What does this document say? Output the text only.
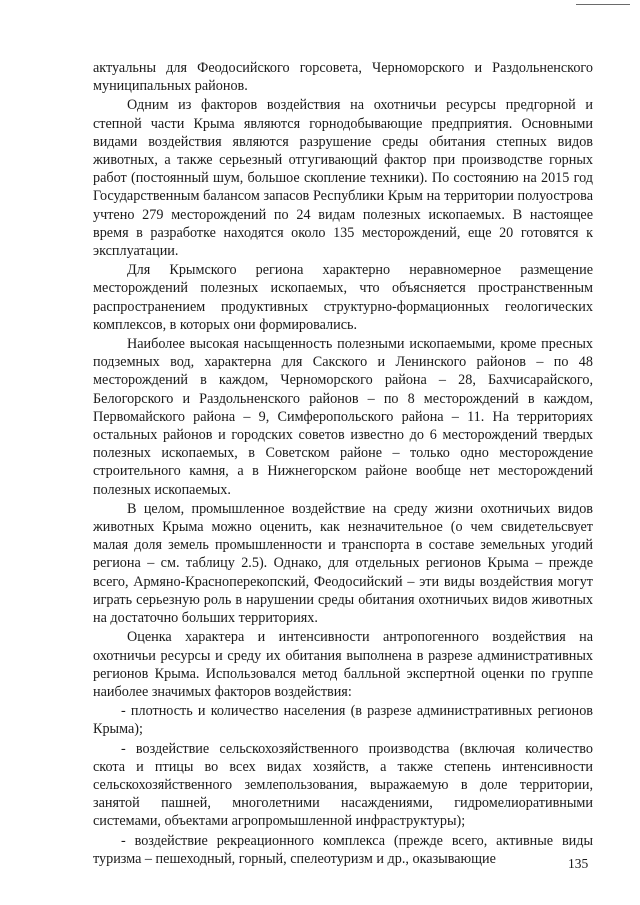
актуальны для Феодосийского горсовета, Черноморского и Раздольненского муниципальных районов.

Одним из факторов воздействия на охотничьи ресурсы предгорной и степной части Крыма являются горнодобывающие предприятия. Основными видами воздействия являются разрушение среды обитания степных видов животных, а также серьезный отгугивающий фактор при производстве горных работ (постоянный шум, большое скопление техники). По состоянию на 2015 год Государственным балансом запасов Республики Крым на территории полуострова учтено 279 месторождений по 24 видам полезных ископаемых. В настоящее время в разработке находятся около 135 месторождений, еще 20 готовятся к эксплуатации.

Для Крымского региона характерно неравномерное размещение месторождений полезных ископаемых, что объясняется пространственным распространением продуктивных структурно-формационных геологических комплексов, в которых они формировались.

Наиболее высокая насыщенность полезными ископаемыми, кроме пресных подземных вод, характерна для Сакского и Ленинского районов – по 48 месторождений в каждом, Черноморского района – 28, Бахчисарайского, Белогорского и Раздольненского районов – по 8 месторождений в каждом, Первомайского района – 9, Симферопольского района – 11. На территориях остальных районов и городских советов известно до 6 месторождений твердых полезных ископаемых, в Советском районе – только одно месторождение строительного камня, а в Нижнегорском районе вообще нет месторождений полезных ископаемых.

В целом, промышленное воздействие на среду жизни охотничьих видов животных Крыма можно оценить, как незначительное (о чем свидетельсвует малая доля земель промышленности и транспорта в составе земельных угодий региона – см. таблицу 2.5). Однако, для отдельных регионов Крыма – прежде всего, Армяно-Красноперекопский, Феодосийский – эти виды воздействия могут играть серьезную роль в нарушении среды обитания охотничьих видов животных на достаточно больших территориях.

Оценка характера и интенсивности антропогенного воздействия на охотничьи ресурсы и среду их обитания выполнена в разрезе административных регионов Крыма. Использовался метод балльной экспертной оценки по группе наиболее значимых факторов воздействия:

- плотность и количество населения (в разрезе административных регионов Крыма);

- воздействие сельскохозяйственного производства (включая количество скота и птицы во всех видах хозяйств, а также степень интенсивности сельскохозяйственного землепользования, выражаемую в доле территории, занятой пашней, многолетними насаждениями, гидромелиоративными системами, объектами агропромышленной инфраструктуры);

- воздействие рекреационного комплекса (прежде всего, активные виды туризма – пешеходный, горный, спелеотуризм и др., оказывающие	135
